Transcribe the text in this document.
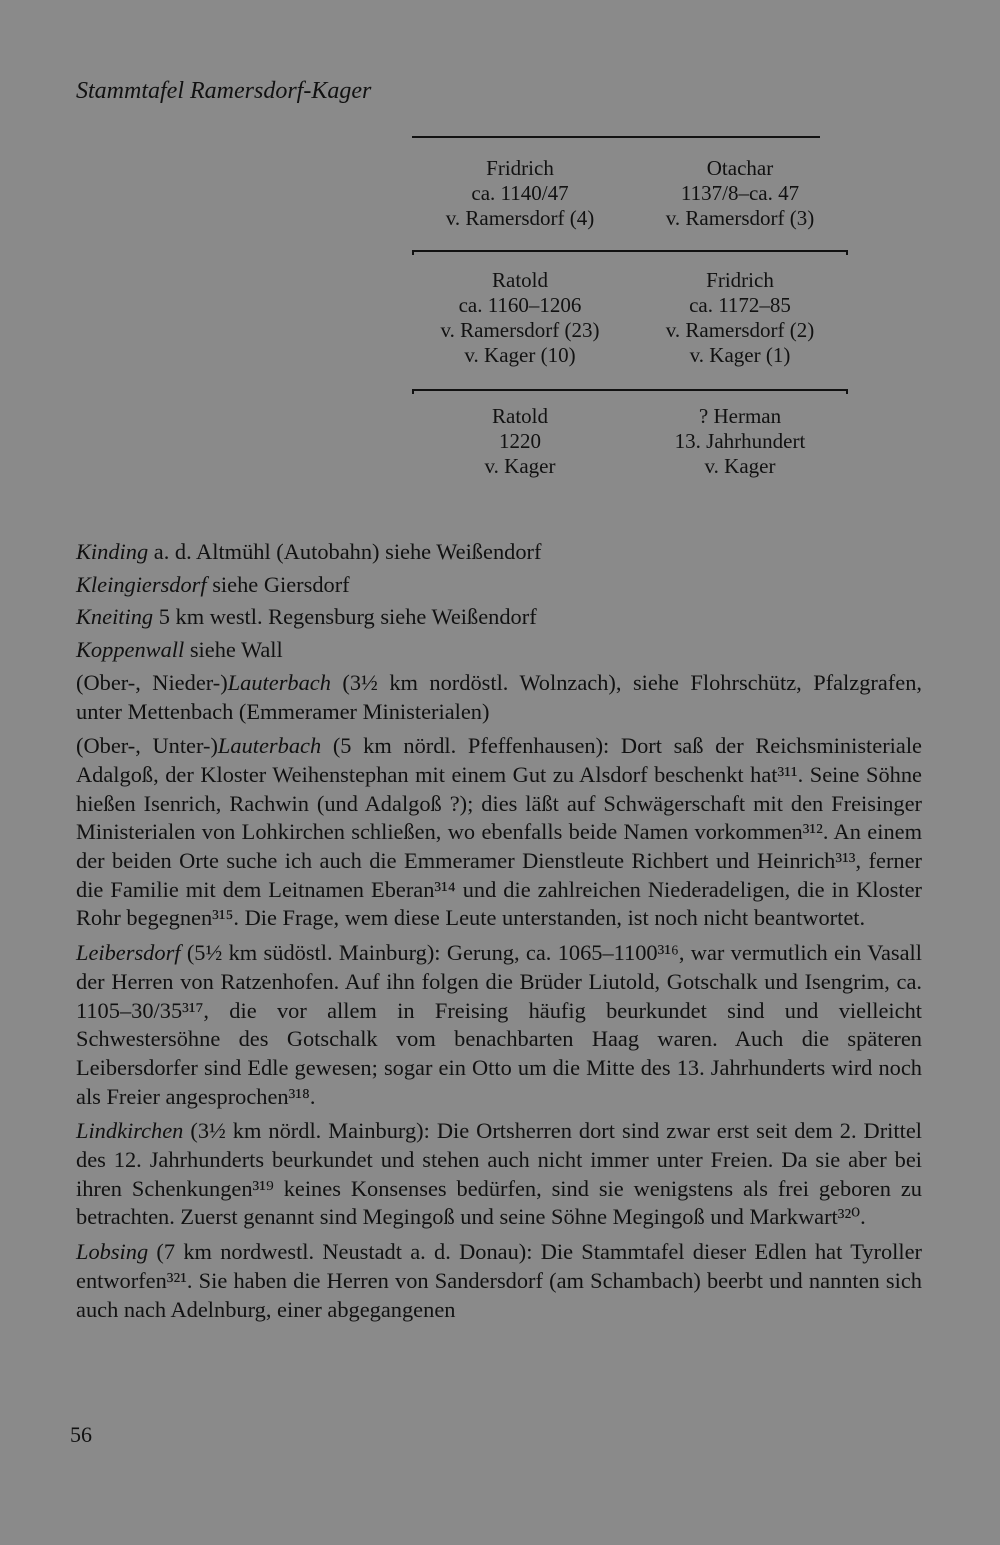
Stammtafel Ramersdorf-Kager
Fridrich
ca. 1140/47
v. Ramersdorf (4)
Otachar
1137/8–ca. 47
v. Ramersdorf (3)
Ratold
ca. 1160–1206
v. Ramersdorf (23)
v. Kager (10)
Fridrich
ca. 1172–85
v. Ramersdorf (2)
v. Kager (1)
Ratold
1220
v. Kager
? Herman
13. Jahrhundert
v. Kager

Kinding a. d. Altmühl (Autobahn) siehe Weißendorf

Kleingiersdorf siehe Giersdorf

Kneiting 5 km westl. Regensburg siehe Weißendorf

Koppenwall siehe Wall

(Ober-, Nieder-)Lauterbach (3½ km nordöstl. Wolnzach), siehe Flohrschütz, Pfalzgrafen, unter Mettenbach (Emmeramer Ministerialen)

(Ober-, Unter-)Lauterbach (5 km nördl. Pfeffenhausen): Dort saß der Reichsministeriale Adalgoß, der Kloster Weihenstephan mit einem Gut zu Alsdorf beschenkt hat³¹¹. Seine Söhne hießen Isenrich, Rachwin (und Adalgoß ?); dies läßt auf Schwägerschaft mit den Freisinger Ministerialen von Lohkirchen schließen, wo ebenfalls beide Namen vorkommen³¹². An einem der beiden Orte suche ich auch die Emmeramer Dienstleute Richbert und Heinrich³¹³, ferner die Familie mit dem Leitnamen Eberan³¹⁴ und die zahlreichen Niederadeligen, die in Kloster Rohr begegnen³¹⁵. Die Frage, wem diese Leute unterstanden, ist noch nicht beantwortet.

Leibersdorf (5½ km südöstl. Mainburg): Gerung, ca. 1065–1100³¹⁶, war vermutlich ein Vasall der Herren von Ratzenhofen. Auf ihn folgen die Brüder Liutold, Gotschalk und Isengrim, ca. 1105–30/35³¹⁷, die vor allem in Freising häufig beurkundet sind und vielleicht Schwestersöhne des Gotschalk vom benachbarten Haag waren. Auch die späteren Leibersdorfer sind Edle gewesen; sogar ein Otto um die Mitte des 13. Jahrhunderts wird noch als Freier angesprochen³¹⁸.

Lindkirchen (3½ km nördl. Mainburg): Die Ortsherren dort sind zwar erst seit dem 2. Drittel des 12. Jahrhunderts beurkundet und stehen auch nicht immer unter Freien. Da sie aber bei ihren Schenkungen³¹⁹ keines Konsenses bedürfen, sind sie wenigstens als frei geboren zu betrachten. Zuerst genannt sind Megingoß und seine Söhne Megingoß und Markwart³²⁰.

Lobsing (7 km nordwestl. Neustadt a. d. Donau): Die Stammtafel dieser Edlen hat Tyroller entworfen³²¹. Sie haben die Herren von Sandersdorf (am Schambach) beerbt und nannten sich auch nach Adelnburg, einer abgegangenen

56
